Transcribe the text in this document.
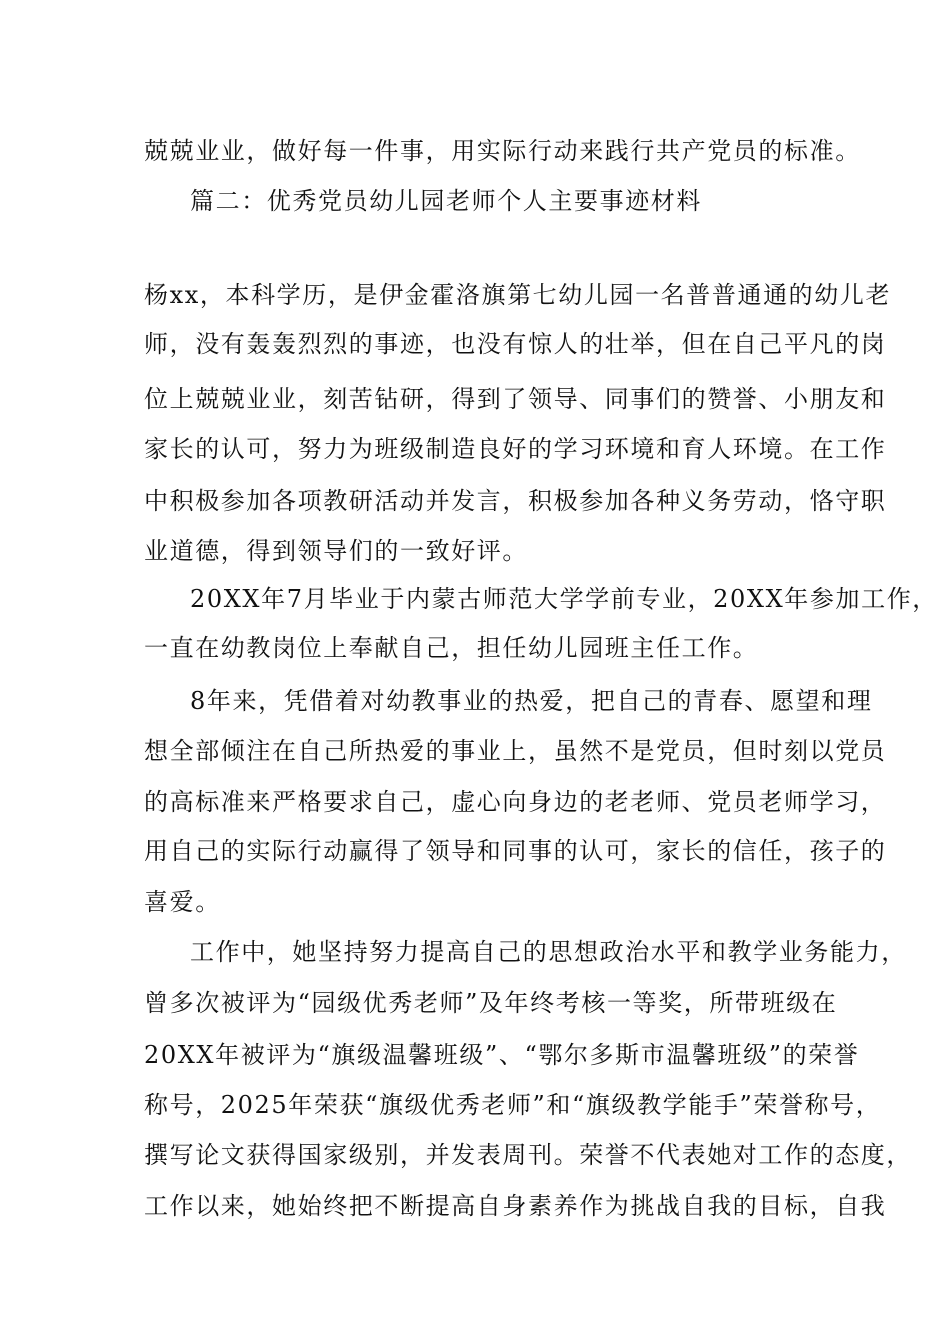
兢兢业业，做好每一件事，用实际行动来践行共产党员的标准。
篇二：优秀党员幼儿园老师个人主要事迹材料
杨xx，本科学历，是伊金霍洛旗第七幼儿园一名普普通通的幼儿老
师，没有轰轰烈烈的事迹，也没有惊人的壮举，但在自己平凡的岗
位上兢兢业业，刻苦钻研，得到了领导、同事们的赞誉、小朋友和
家长的认可，努力为班级制造良好的学习环境和育人环境。在工作
中积极参加各项教研活动并发言，积极参加各种义务劳动，恪守职
业道德，得到领导们的一致好评。
20XX年7月毕业于内蒙古师范大学学前专业，20XX年参加工作，
一直在幼教岗位上奉献自己，担任幼儿园班主任工作。
8年来，凭借着对幼教事业的热爱，把自己的青春、愿望和理
想全部倾注在自己所热爱的事业上，虽然不是党员，但时刻以党员
的高标准来严格要求自己，虚心向身边的老老师、党员老师学习，
用自己的实际行动赢得了领导和同事的认可，家长的信任，孩子的
喜爱。
工作中，她坚持努力提高自己的思想政治水平和教学业务能力，
曾多次被评为“园级优秀老师”及年终考核一等奖，所带班级在
20XX年被评为“旗级温馨班级”、“鄂尔多斯市温馨班级”的荣誉
称号，2025年荣获“旗级优秀老师”和“旗级教学能手”荣誉称号，
撰写论文获得国家级别，并发表周刊。荣誉不代表她对工作的态度，
工作以来，她始终把不断提高自身素养作为挑战自我的目标，自我
